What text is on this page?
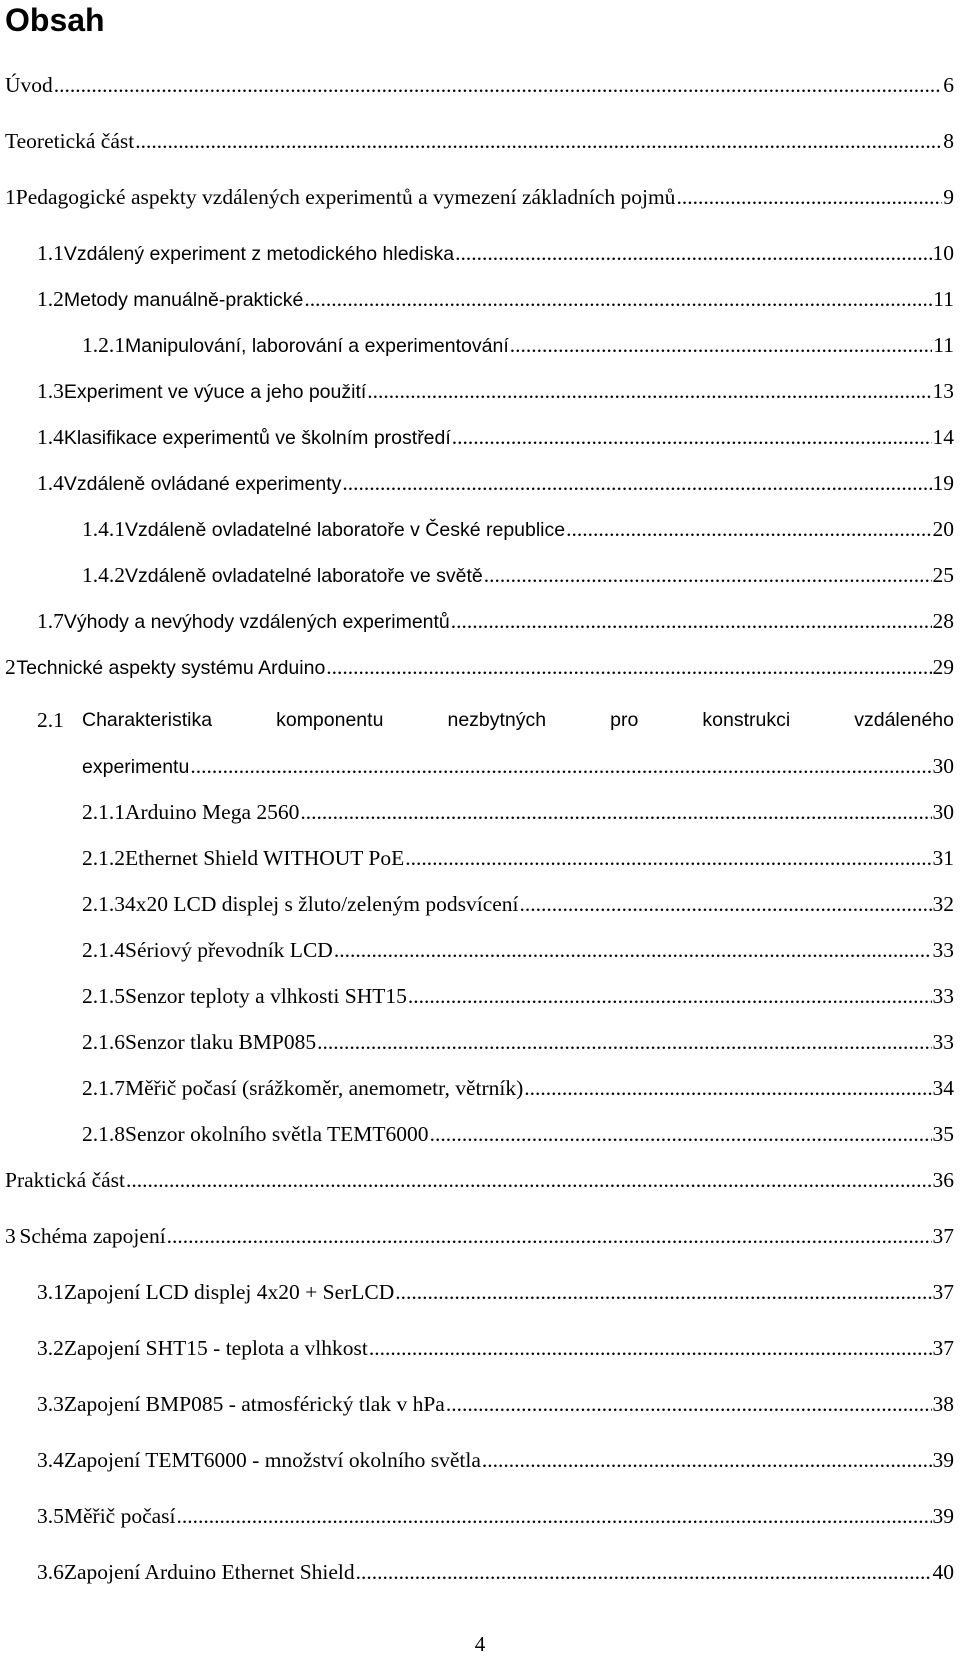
Obsah
Úvod .....	6
Teoretická část .....	8
1 Pedagogické aspekty vzdálených experimentů a vymezení základních pojmů .....	9
1.1 Vzdálený experiment z metodického hlediska .....	10
1.2 Metody manuálně-praktické .....	11
1.2.1 Manipulování, laborování a experimentování .....	11
1.3 Experiment ve výuce a jeho použití .....	13
1.4 Klasifikace experimentů ve školním prostředí .....	14
1.4 Vzdáleně ovládané experimenty .....	19
1.4.1 Vzdáleně ovladatelné laboratoře v České republice .....	20
1.4.2 Vzdáleně ovladatelné laboratoře ve světě .....	25
1.7 Výhody a nevýhody vzdálených experimentů .....	28
2 Technické aspekty systému Arduino .....	29
2.1 Charakteristika	komponentu	nezbytných	pro	konstrukci	vzdáleného
experimentu .....	30
2.1.1 Arduino Mega 2560 .....	30
2.1.2 Ethernet Shield WITHOUT PoE .....	31
2.1.3 4x20 LCD displej s žluto/zeleným podsvícení .....	32
2.1.4 Sériový převodník LCD .....	33
2.1.5 Senzor teploty a vlhkosti SHT15 .....	33
2.1.6 Senzor tlaku BMP085 .....	33
2.1.7 Měřič počasí (srážkoměr, anemometr, větrník) .....	34
2.1.8 Senzor okolního světla TEMT6000 .....	35
Praktická část .....	36
3 Schéma zapojení .....	37
3.1 Zapojení LCD displej 4x20 + SerLCD .....	37
3.2 Zapojení SHT15 - teplota a vlhkost .....	37
3.3 Zapojení BMP085 - atmosférický tlak v hPa .....	38
3.4 Zapojení TEMT6000 - množství okolního světla .....	39
3.5 Měřič počasí .....	39
3.6 Zapojení Arduino Ethernet Shield .....	40
4
